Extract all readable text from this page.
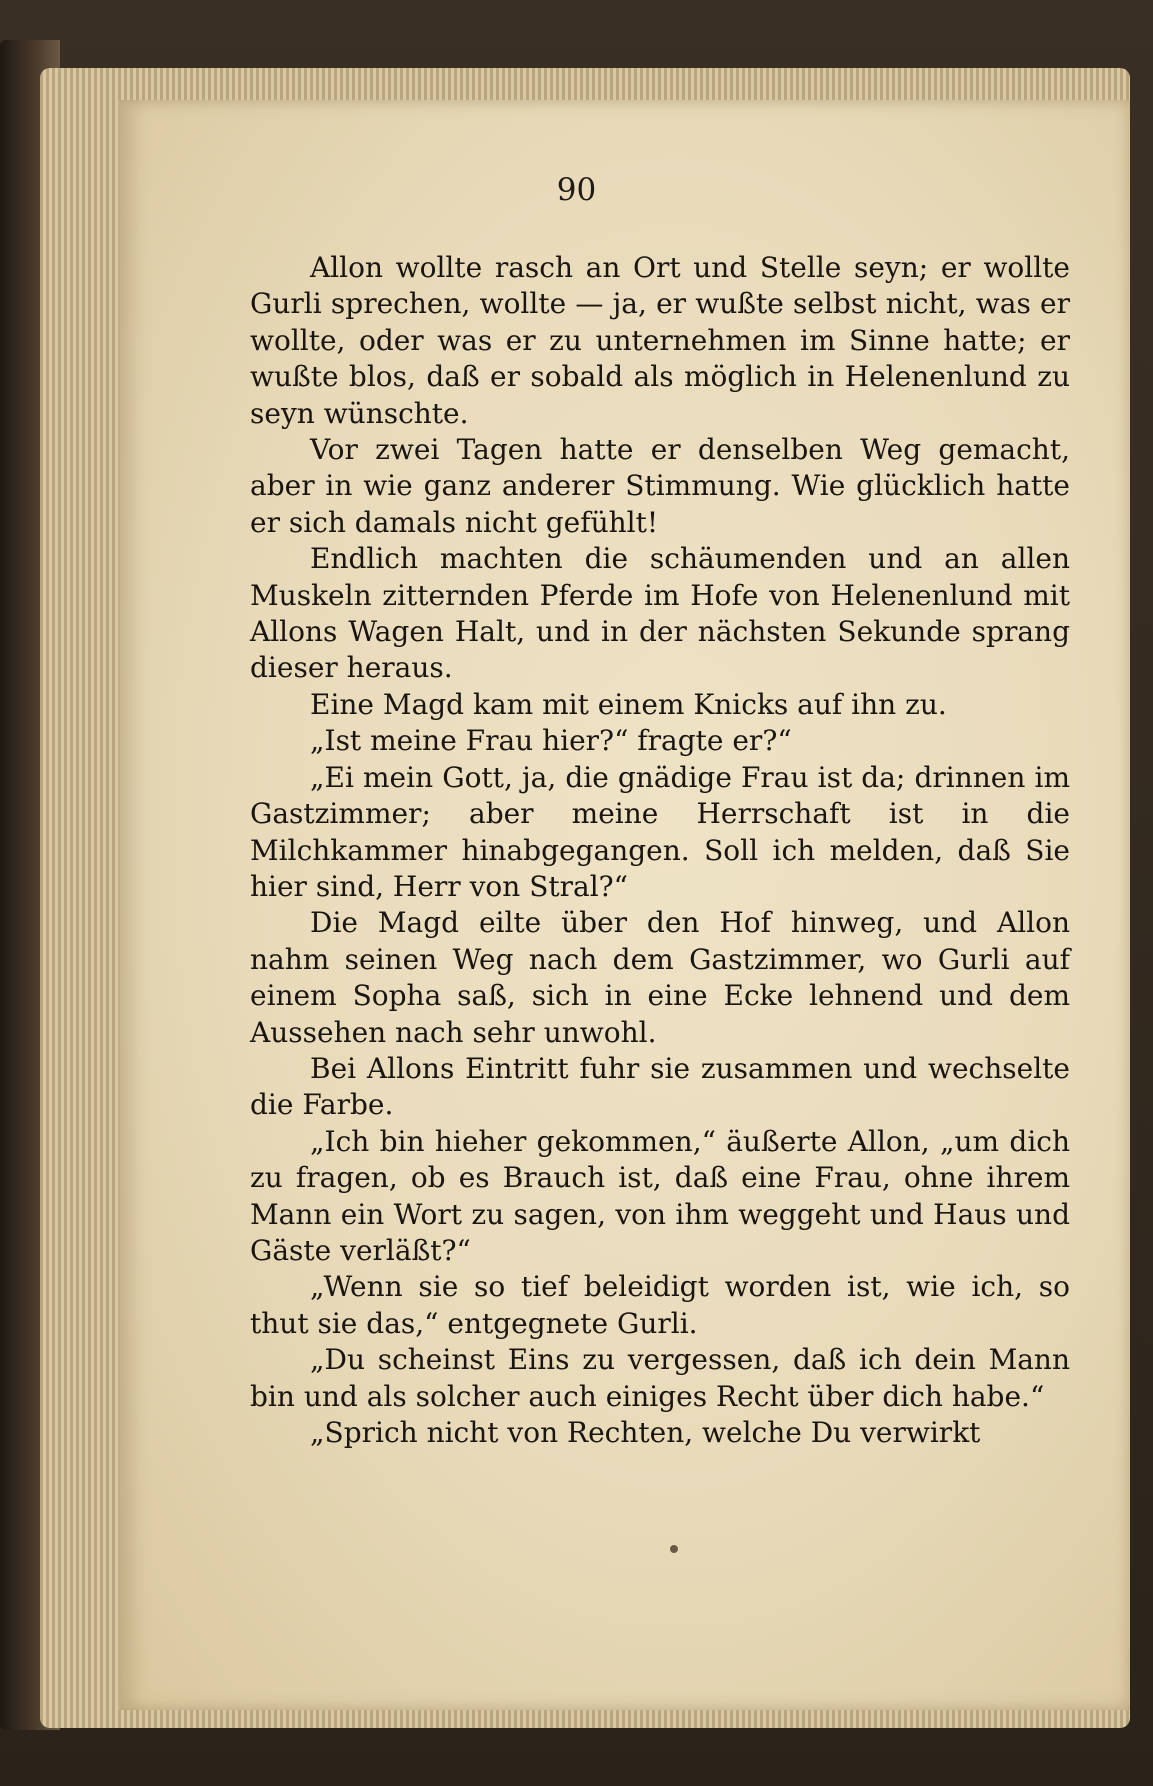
90

Allon wollte rasch an Ort und Stelle seyn; er wollte Gurli sprechen, wollte — ja, er wußte selbst nicht, was er wollte, oder was er zu unternehmen im Sinne hatte; er wußte blos, daß er sobald als möglich in Helenenlund zu seyn wünschte.

Vor zwei Tagen hatte er denselben Weg gemacht, aber in wie ganz anderer Stimmung. Wie glücklich hatte er sich damals nicht gefühlt!

Endlich machten die schäumenden und an allen Muskeln zitternden Pferde im Hofe von Helenenlund mit Allons Wagen Halt, und in der nächsten Sekunde sprang dieser heraus.

Eine Magd kam mit einem Knicks auf ihn zu.

„Ist meine Frau hier?“ fragte er?“

„Ei mein Gott, ja, die gnädige Frau ist da; drinnen im Gastzimmer; aber meine Herrschaft ist in die Milchkammer hinabgegangen. Soll ich melden, daß Sie hier sind, Herr von Stral?“

Die Magd eilte über den Hof hinweg, und Allon nahm seinen Weg nach dem Gastzimmer, wo Gurli auf einem Sopha saß, sich in eine Ecke lehnend und dem Aussehen nach sehr unwohl.

Bei Allons Eintritt fuhr sie zusammen und wechselte die Farbe.

„Ich bin hieher gekommen,“ äußerte Allon, „um dich zu fragen, ob es Brauch ist, daß eine Frau, ohne ihrem Mann ein Wort zu sagen, von ihm weggeht und Haus und Gäste verläßt?“

„Wenn sie so tief beleidigt worden ist, wie ich, so thut sie das,“ entgegnete Gurli.

„Du scheinst Eins zu vergessen, daß ich dein Mann bin und als solcher auch einiges Recht über dich habe.“

„Sprich nicht von Rechten, welche Du verwirkt
